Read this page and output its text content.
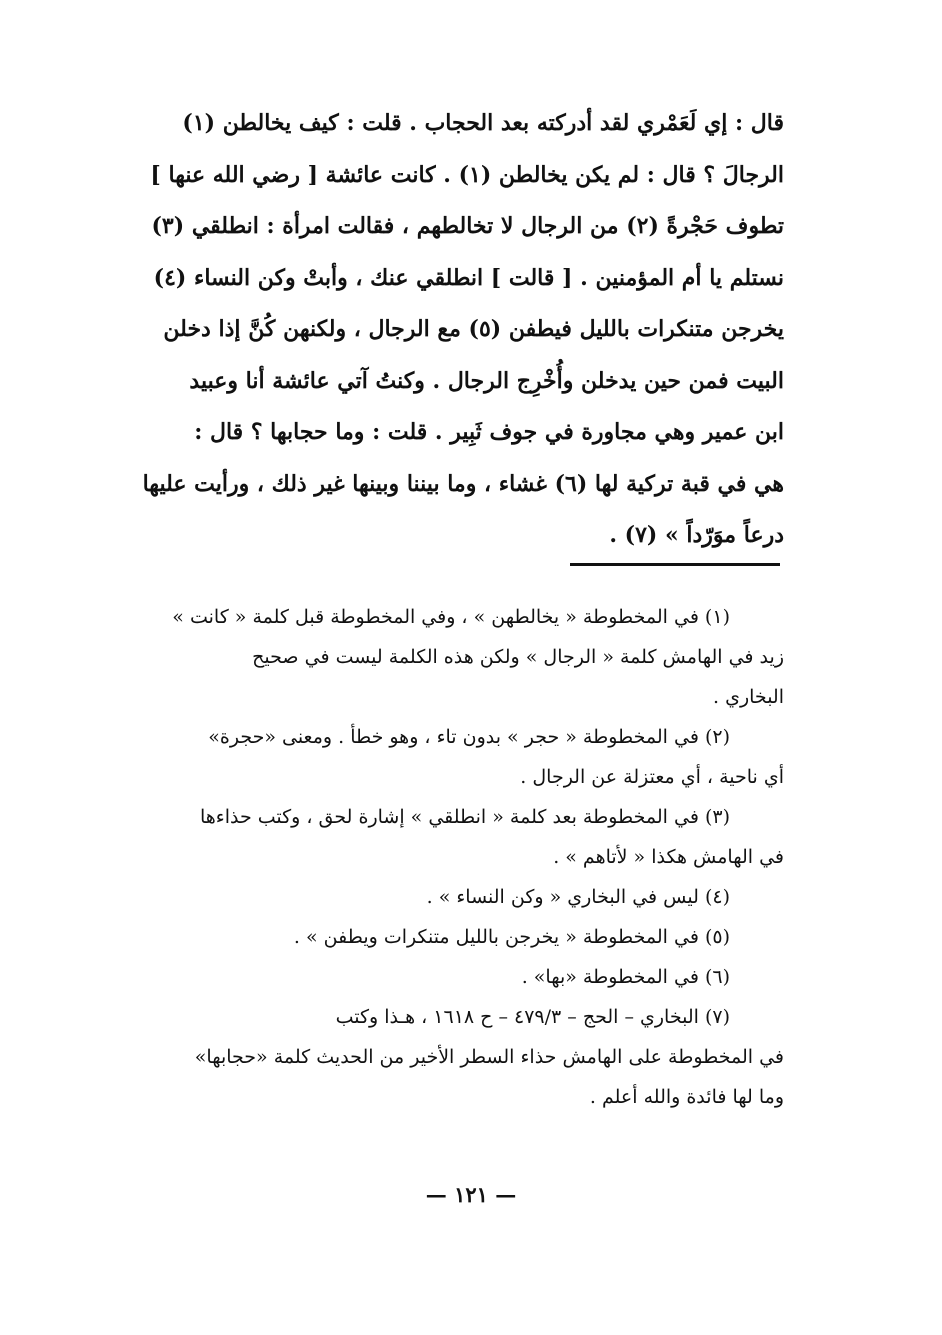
قال : إي لَعَمْري لقد أدركته بعد الحجاب . قلت : كيف يخالطن (١)
الرجالَ ؟ قال : لم يكن يخالطن (١) . كانت عائشة [ رضي الله عنها ]
تطوف حَجْرةً (٢) من الرجال لا تخالطهم ، فقالت امرأة : انطلقي (٣)
نستلم يا أم المؤمنين . [ قالت ] انطلقي عنك ، وأبتْ وكن النساء (٤)
يخرجن متنكرات بالليل فيطفن (٥) مع الرجال ، ولكنهن كُنَّ إذا دخلن
البيت فمن حين يدخلن وأُخْرِج الرجال . وكنتُ آتي عائشة أنا وعبيد
ابن عمير وهي مجاورة في جوف ثَبِير . قلت : وما حجابها ؟ قال :
هي في قبة تركية لها (٦) غشاء ، وما بيننا وبينها غير ذلك ، ورأيت عليها
درعاً موَرّداً » (٧) .
(١) في المخطوطة « يخالطهن » ، وفي المخطوطة قبل كلمة « كانت »
زيد في الهامش كلمة « الرجال » ولكن هذه الكلمة ليست في صحيح
البخاري .
(٢) في المخطوطة « حجر » بدون تاء ، وهو خطأ . ومعنى «حجرة»
أي ناحية ، أي معتزلة عن الرجال .
(٣) في المخطوطة بعد كلمة « انطلقي » إشارة لحق ، وكتب حذاءها
في الهامش هكذا « لأتاهم » .
(٤) ليس في البخاري « وكن النساء » .
(٥) في المخطوطة « يخرجن بالليل متنكرات ويطفن » .
(٦) في المخطوطة «بها» .
(٧) البخاري – الحج – ٤٧٩/٣ – ح ١٦١٨ ، هـذا وكتب
في المخطوطة على الهامش حذاء السطر الأخير من الحديث كلمة «حجابها»
وما لها فائدة والله أعلم .
— ١٢١ —
